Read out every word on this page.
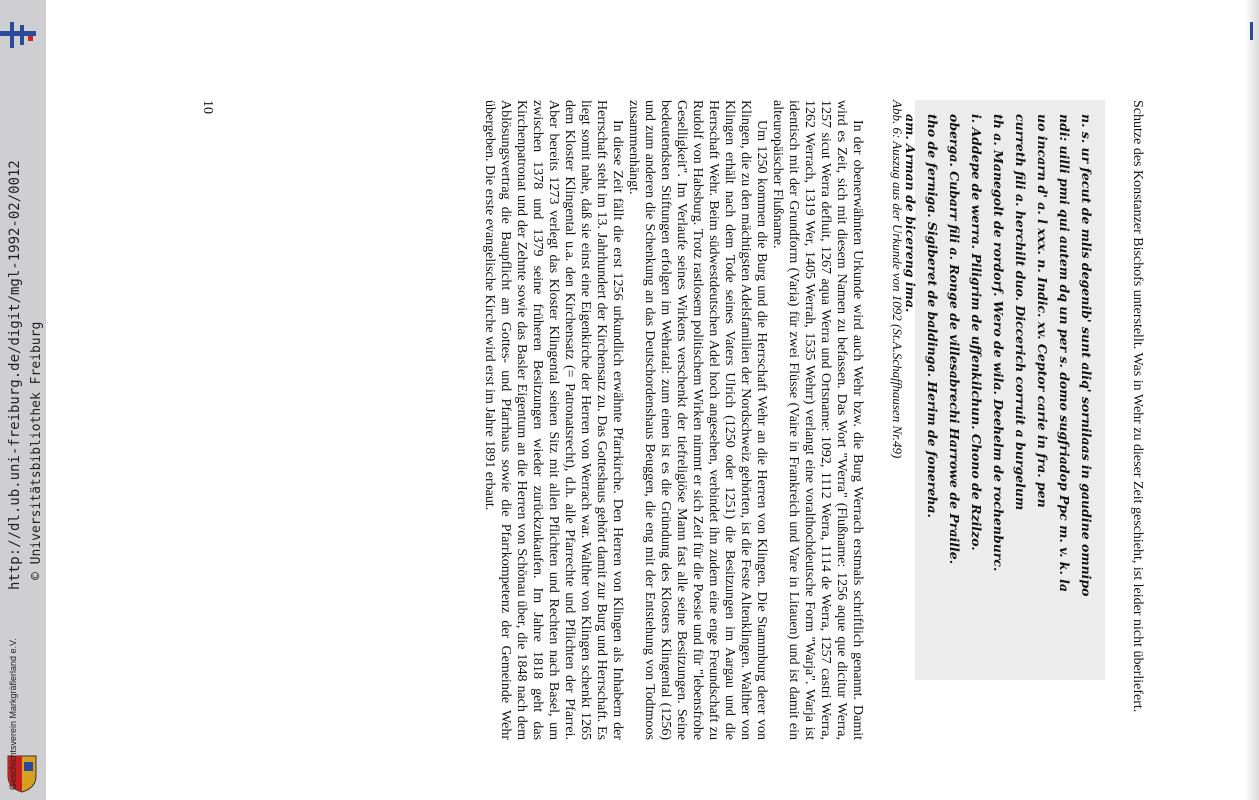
http://dl.ub.uni-freiburg.de/digit/mgl-1992-02/0012 © Universitätsbibliothek Freiburg
Geschichtsverein Markgräflerland e.V.
Schutze des Konstanzer Bischofs unterstellt. Was in Wehr zu dieser Zeit geschieht, ist leider nicht überliefert.
n. s. ur fecut de mlis degenib' sunt aliq' sornilaas in gaudine omnipo
ndi: uilli pmi qui autem dq un per s. domo sugfriadop Ppc m. v. k. la
uo incarn d' a. l xxx. n. Indic. xv. Ceptor carie in fra. pen
curreth fili a. herchilt duo. Diccerich corruit a burgelum
th a. Manegolt de rordorf. Wero de wila. Deehelm de rochenburc.
i. Addepe de werra. Piligrim de uffenkilchun. Chono de Rzilzo.
oberga. Cubarr fili a. Ronge de villesabrechi Harrowe de Praille.
tho de ferniga. Sigiberet de baldinga. Herim de fonereha.
am. Arman de bicereng ima.
Abb. 6: Auszug aus der Urkunde von 1092 (St.A.Schaffhausen Nr.49)

In der obenerwähnten Urkunde wird auch Wehr bzw. die Burg Werrach erstmals schriftlich genannt. Damit wird es Zeit, sich mit diesem Namen zu befassen. Das Wort "Werra" (Flußname: 1256 aque que dicitur Werra, 1257 sicut Werra defluit, 1267 aqua Werra und Ortsname: 1092, 1112 Werra, 1114 de Werra, 1257 castri Werra, 1262 Werrach, 1319 Wer, 1405 Werrah, 1535 Wehrr) verlangt eine voralthochdeutsche Form "Warja". Warja ist identisch mit der Grundform (Varia) für zwei Flüsse (Vaire in Frankreich und Vare in Litauen) und ist damit ein alteuropäischer Flußname.

Um 1250 kommen die Burg und die Herrschaft Wehr an die Herren von Klingen. Die Stammburg derer von Klingen, die zu den mächtigsten Adelsfamilien der Nordschweiz gehörten, ist die Feste Altenklingen. Walther von Klingen erhält nach dem Tode seines Vaters Ulrich (1250 oder 1251) die Besitzungen im Aargau und die Herrschaft Wehr. Beim südwestdeutschen Adel hoch angesehen, verbindet ihn zudem eine enge Freundschaft zu Rudolf von Habsburg. Trotz rastlosem politischem Wirken nimmt er sich Zeit für die Poesie und für "lebensfrohe Geselligkeit". Im Verlaufe seines Wirkens verschenkt der tiefreligiöse Mann fast alle seine Besitzungen. Seine bedeutendsten Stiftungen erfolgen im Wehratal: zum einen ist es die Gründung des Klosters Klingental (1256) und zum anderen die Schenkung an das Deutschordenshaus Beuggen, die eng mit der Entstehung von Todtmoos zusammenhängt.

In diese Zeit fällt die erst 1256 urkundlich erwähnte Pfarrkirche. Den Herren von Klingen als Inhabern der Herrschaft steht im 13. Jahrhundert der Kirchensatz zu. Das Gotteshaus gehört damit zur Burg und Herrschaft. Es liegt somit nahe, daß sie einst eine Eigenkirche der Herren von Werrach war. Walther von Klingen schenkt 1265 dem Kloster Klingental u.a. den Kirchensatz (= Patronatsrecht), d.h. alle Pfarrechte und Pflichten der Pfarrei. Aber bereits 1273 verlegt das Kloster Klingental seinen Sitz mit allen Pflichten und Rechten nach Basel, um zwischen 1378 und 1379 seine früheren Besitzungen wieder zurückzukaufen. Im Jahre 1818 geht das Kirchenpatronat und der Zehnte sowie das Basler Eigentum an die Herren von Schönau über, die 1848 nach dem Ablösungsvertrag die Baupflicht am Gottes- und Pfarrhaus sowie die Pfarrkompetenz der Gemeinde Wehr übergeben. Die erste evangelische Kirche wird erst im Jahre 1891 erbaut.

10
